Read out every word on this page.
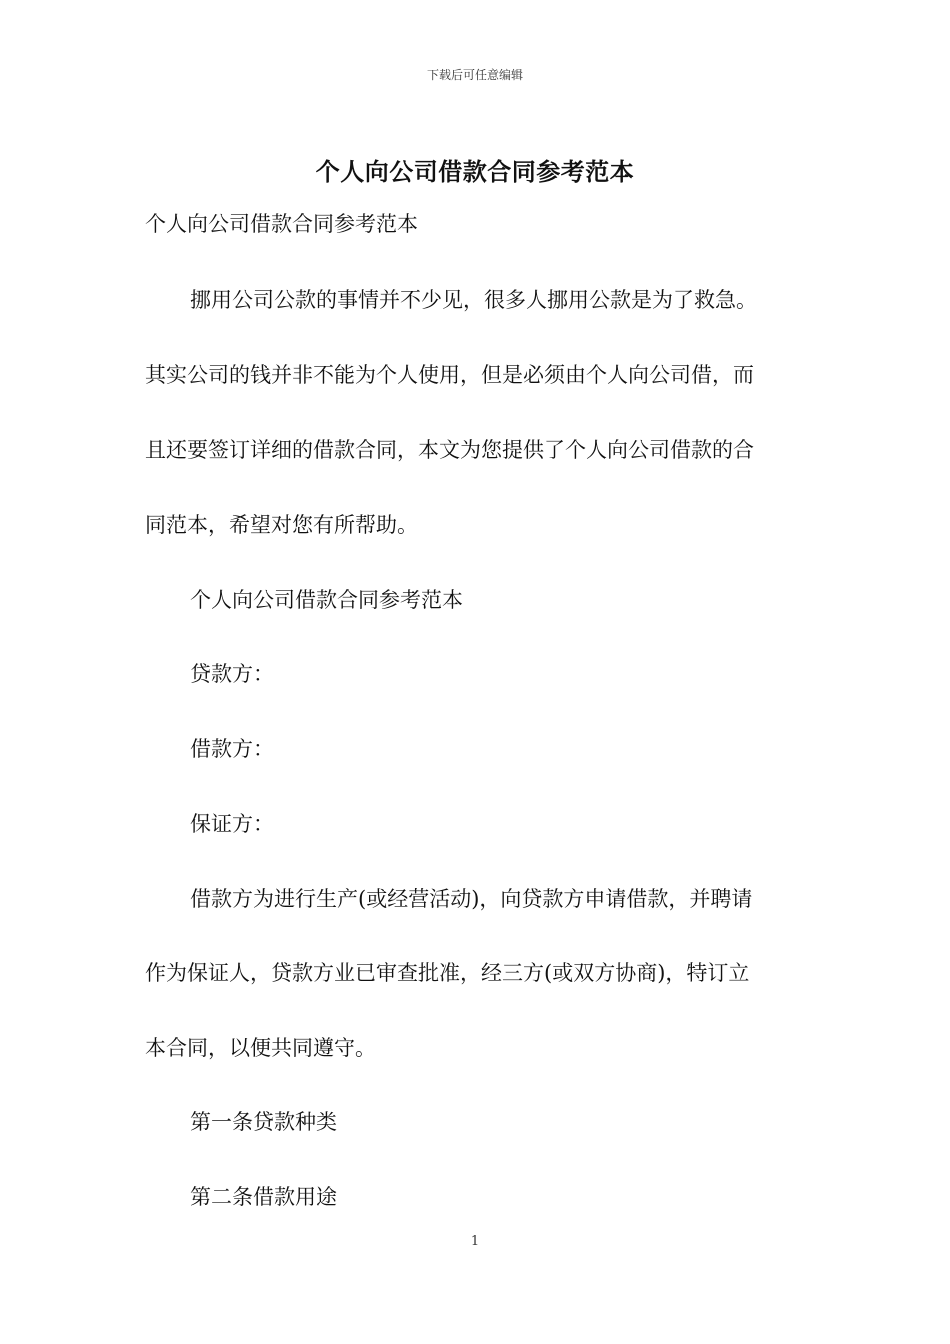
下载后可任意编辑
个人向公司借款合同参考范本
个人向公司借款合同参考范本
挪用公司公款的事情并不少见，很多人挪用公款是为了救急。
其实公司的钱并非不能为个人使用，但是必须由个人向公司借，而
且还要签订详细的借款合同，本文为您提供了个人向公司借款的合
同范本，希望对您有所帮助。
个人向公司借款合同参考范本
贷款方：
借款方：
保证方：
借款方为进行生产(或经营活动)，向贷款方申请借款，并聘请
作为保证人，贷款方业已审查批准，经三方(或双方协商)，特订立
本合同，以便共同遵守。
第一条贷款种类
第二条借款用途
1
